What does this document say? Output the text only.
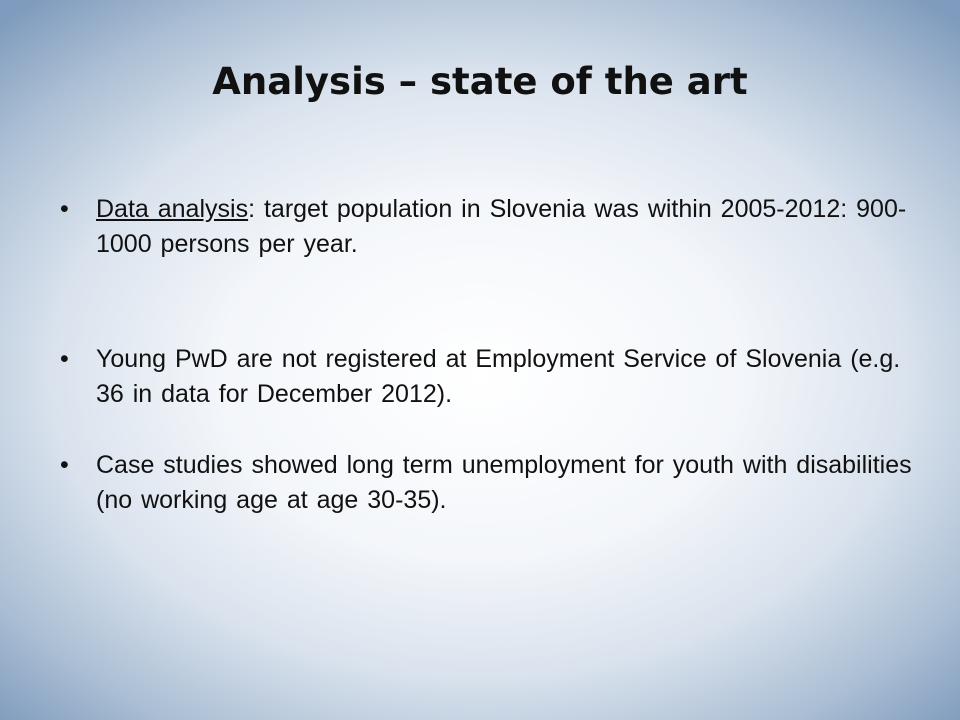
Analysis – state of the art
• Data analysis: target population in Slovenia was within 2005-2012: 900-1000 persons per year.
• Young PwD are not registered at Employment Service of Slovenia (e.g. 36 in data for December 2012).
• Case studies showed long term unemployment for youth with disabilities (no working age at age 30-35).
